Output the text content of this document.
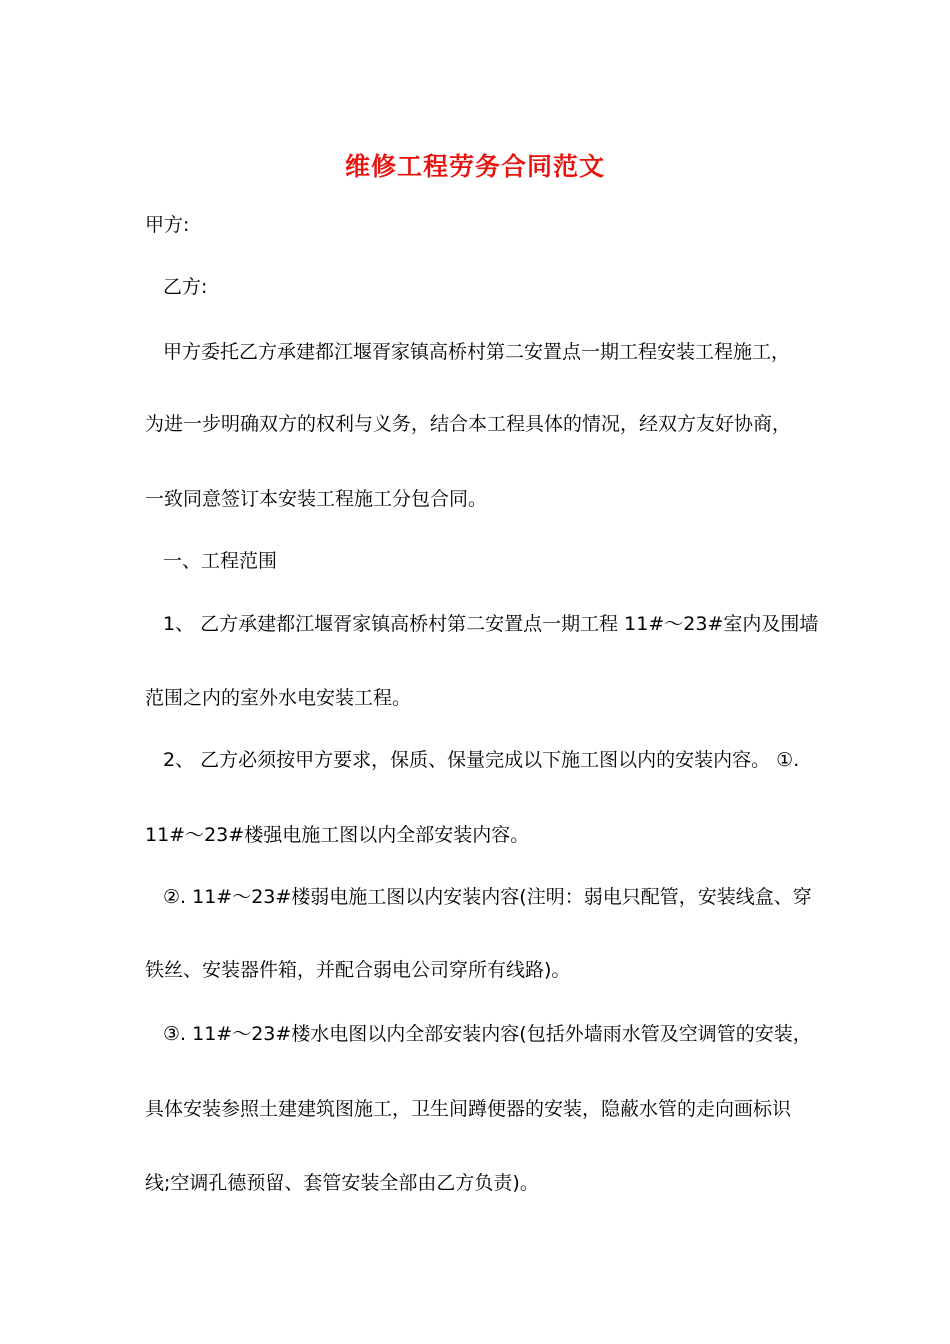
维修工程劳务合同范文
甲方:
乙方:
甲方委托乙方承建都江堰胥家镇高桥村第二安置点一期工程安装工程施工，
为进一步明确双方的权利与义务，结合本工程具体的情况，经双方友好协商，
一致同意签订本安装工程施工分包合同。
一、工程范围
1、 乙方承建都江堰胥家镇高桥村第二安置点一期工程 11#～23#室内及围墙
范围之内的室外水电安装工程。
2、 乙方必须按甲方要求，保质、保量完成以下施工图以内的安装内容。 ①.
11#～23#楼强电施工图以内全部安装内容。
②. 11#～23#楼弱电施工图以内安装内容(注明：弱电只配管，安装线盒、穿
铁丝、安装器件箱，并配合弱电公司穿所有线路)。
③. 11#～23#楼水电图以内全部安装内容(包括外墙雨水管及空调管的安装，
具体安装参照土建建筑图施工，卫生间蹲便器的安装，隐蔽水管的走向画标识
线;空调孔德预留、套管安装全部由乙方负责)。
